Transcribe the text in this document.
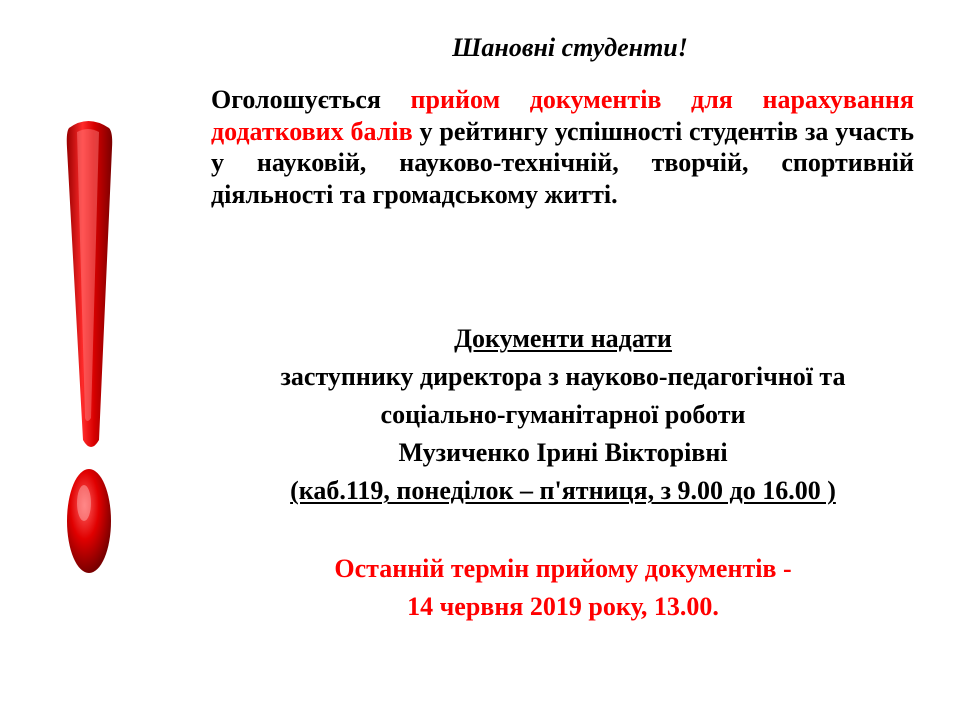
Шановні студенти!
Оголошується прийом документів для нарахування додаткових балів у рейтингу успішності студентів за участь у науковій, науково-технічній, творчій, спортивній діяльності та громадському житті.
Документи надати
заступнику директора з науково-педагогічної та
соціально-гуманітарної роботи
Музиченко Ірині Вікторівні
(каб.119, понеділок – п'ятниця, з 9.00 до 16.00 )
Останній термін прийому документів -
14 червня 2019 року, 13.00.
